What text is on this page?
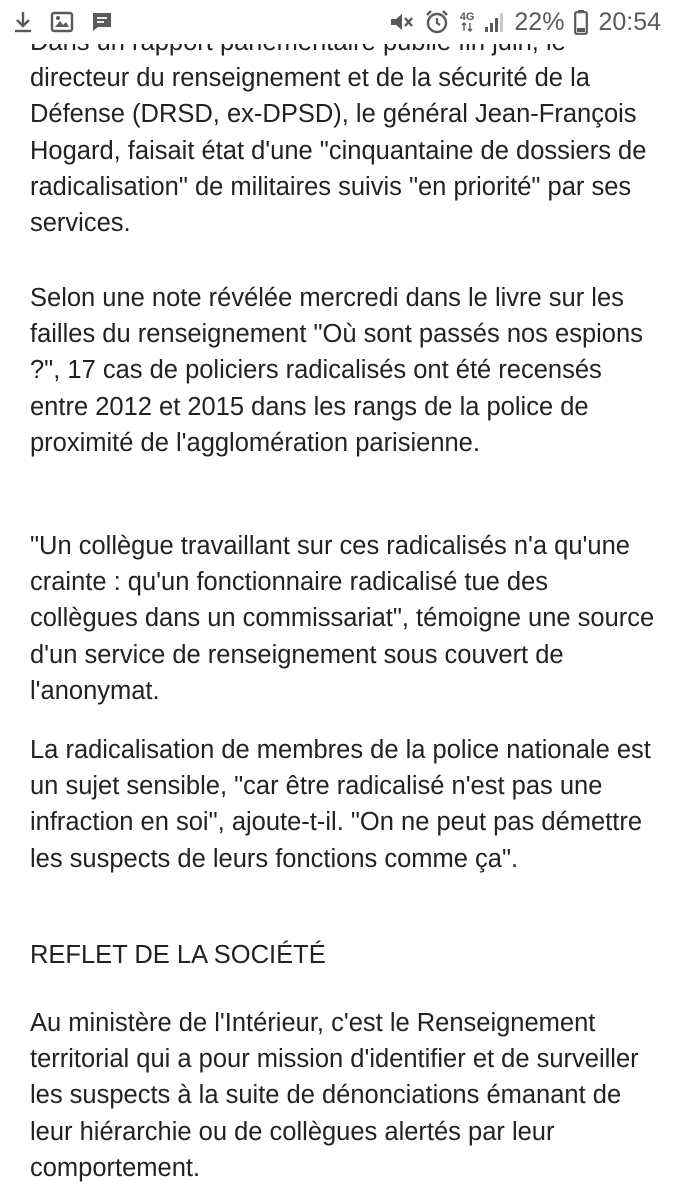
4G 22% 20:54

directeur du renseignement et de la sécurité de la Défense (DRSD, ex-DPSD), le général Jean-François Hogard, faisait état d'une "cinquantaine de dossiers de radicalisation" de militaires suivis "en priorité" par ses services.

Selon une note révélée mercredi dans le livre sur les failles du renseignement "Où sont passés nos espions ?", 17 cas de policiers radicalisés ont été recensés entre 2012 et 2015 dans les rangs de la police de proximité de l'agglomération parisienne.

"Un collègue travaillant sur ces radicalisés n'a qu'une crainte : qu'un fonctionnaire radicalisé tue des collègues dans un commissariat", témoigne une source d'un service de renseignement sous couvert de l'anonymat.

La radicalisation de membres de la police nationale est un sujet sensible, "car être radicalisé n'est pas une infraction en soi", ajoute-t-il. "On ne peut pas démettre les suspects de leurs fonctions comme ça".

REFLET DE LA SOCIÉTÉ

Au ministère de l'Intérieur, c'est le Renseignement territorial qui a pour mission d'identifier et de surveiller les suspects à la suite de dénonciations émanant de leur hiérarchie ou de collègues alertés par leur comportement.
